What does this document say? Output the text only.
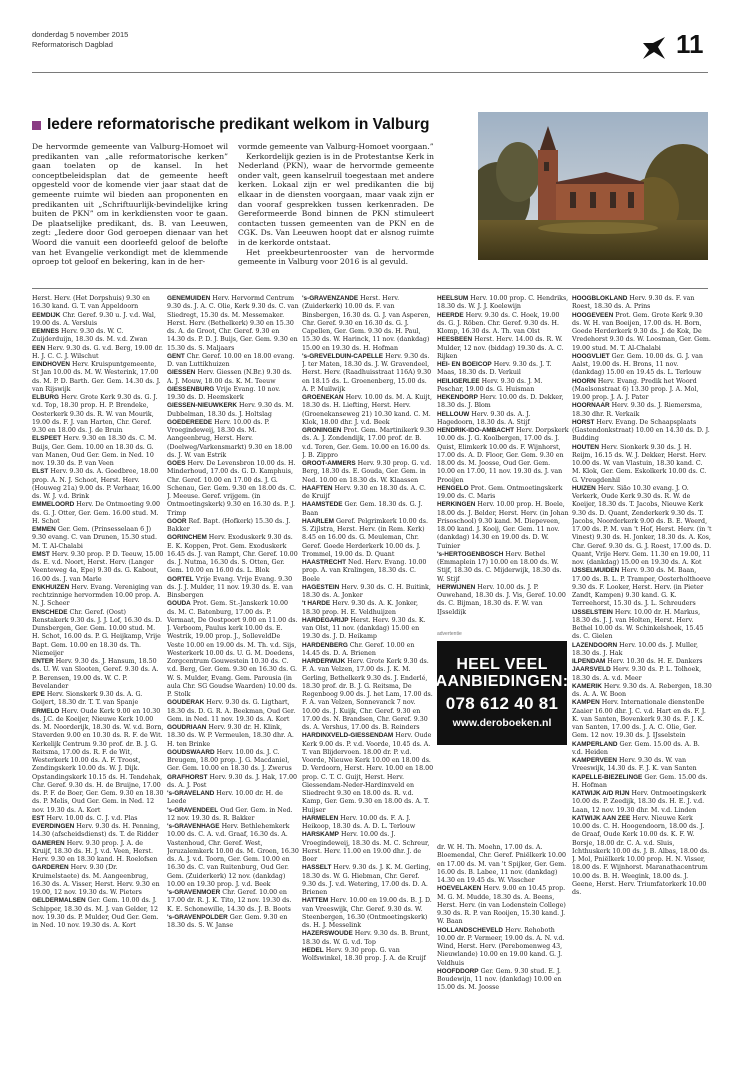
donderdag 5 november 2015
Reformatorisch Dagblad	11
Iedere reformatorische predikant welkom in Valburg

De hervormde gemeente van Valburg-Homoet wil predikanten van „alle reformatorische kerken” gaan toelaten op de kansel. In het conceptbeleidsplan dat de gemeente heeft opgesteld voor de komende vier jaar staat dat de gemeente ruimte wil bieden aan proponenten en predikanten uit „Schriftuurlijk-bevindelijke kring buiten de PKN” om in kerkdiensten voor te gaan. De plaatselijke predikant, ds. B. van Leeuwen, zegt: „Iedere door God geroepen dienaar van het Woord die vanuit een doorleefd geloof de belofte van het Evangelie verkondigt met de klemmende oproep tot geloof en bekering, kan in de her-

vormde gemeente van Valburg-Homoet voorgaan.”

Kerkordelijk gezien is in de Protestantse Kerk in Nederland (PKN), waar de hervormde gemeente onder valt, geen kanselruil toegestaan met andere kerken. Lokaal zijn er wel predikanten die bij elkaar in de diensten voorgaan, maar vaak zijn er dan vooraf gesprekken tussen kerkenraden. De Gereformeerde Bond binnen de PKN stimuleert contacten tussen gemeenten van de PKN en de CGK. Ds. Van Leeuwen hoopt dat er alsnog ruimte in de kerkorde ontstaat.

Het preekbeurtenrooster van de hervormde gemeente in Valburg voor 2016 is al gevuld.

Herst. Herv. (Het Dorpshuis) 9.30 en 16.30 kand. G. T. van Appeldoorn

EEMDIJK Chr. Geref. 9.30 u. J. v.d. Wal, 19.00 ds. A. Versluis

EEMNES Herv. 9.30 ds. W. C. Zuijderduijn, 18.30 ds. M. v.d. Zwan

EEN Herv. 9.30 ds. G. v.d. Berg, 19.00 dr. H. J. C. C. J. Wilschut

EINDHOVEN Herv. Kruispuntgemeente, St Jan 10.00 ds. M. W. Westerink, 17.00 ds. M. P. D. Barth. Ger. Gem. 14.30 ds. J. van Rijswijk

ELBURG Herv. Grote Kerk 9.30 ds. G. J. v.d. Top, 18.30 prop. H. P. Brendeke, Oosterkerk 9.30 ds. R. W. van Mourik, 19.00 ds. F. J. van Harten, Chr. Geref. 9.30 en 18.00 ds. J. de Bruin

ELSPEET Herv. 9.30 en 18.30 ds. C. M. Buijs, Ger. Gem. 10.00 en 18.30 ds. G. van Manen, Oud Ger. Gem. in Ned. 10 nov. 19.30 ds. P. van Veen

ELST Herv. 9.30 ds. A. Goedbree, 18.00 prop. A. N. J. Schoot, Herst. Herv. (Houweg 21a) 9.00 ds. P. Verhaar, 16.00 ds. W. J. v.d. Brink

EMMELOORD Herv. De Ontmoeting 9.00 ds. G. J. Otter, Ger. Gem. 16.00 stud. M. H. Schot

EMMEN Ger. Gem. (Prinsesselaan 6 J) 9.30 evang. C. van Drunen, 15.30 stud. M. T. Al-Chalabi

EMST Herv. 9.30 prop. P. D. Teeuw, 15.00 ds. E. v.d. Noort, Herst. Herv. (Langer Veenteweg 4a, Epe) 9.30 ds. G. Kabout, 16.00 ds. J. van Marle

ENKHUIZEN Herv. Evang. Vereniging van rechtzinnige hervormden 10.00 prop. A. N. J. Scheer

ENSCHEDE Chr. Geref. (Oost) Renstakerk 9.30 ds. J. J. Lof, 16.30 ds. D. Dunsbergen, Ger. Gem. 10.00 stud. M. H. Schot, 16.00 ds. P. G. Heijkamp, Vrije Bapt. Gem. 10.00 en 18.30 ds. Th. Niemeijer

ENTER Herv. 9.30 ds. J. Hansum, 18.50 ds. U. W. van Slooten, Geref. 9.30 ds. A. P. Berensen, 19.00 ds. W. C. P. Bevelander

EPE Herv. Sionskerk 9.30 ds. A. G. Goijert, 18.30 dr. T. T. van Spanje

ERMELO Herv. Oude Kerk 9.00 en 10.30 ds. J.C. de Koeijer, Nieuwe Kerk 10.00 ds. M. Noorderijk, 18.30 ds. W. v.d. Born, Staverden 9.00 en 10.30 ds. R. F. de Wit. Kerkelijk Centrum 9.30 prof. dr. B. J. G. Reitsma, 17.00 ds. R. F. de Wit, Westerkerk 10.00 ds. A. F. Troost, Zendingskerk 10.00 ds. W. J. Dijk. Opstandingskerk 10.15 ds. H. Tendehak, Chr. Geref. 9.30 ds. H. de Bruijne, 17.00 ds. P. F. de Boer, Ger. Gem. 9.30 en 18.30 ds. P. Melis, Oud Ger. Gem. in Ned. 12 nov. 19.30 ds. A. Kort

EST Herv. 10.00 ds. C. J. v.d. Plas

EVERDINGEN Herv. 9.30 ds. H. Penning, 14.30 (afscheidsdienst) ds. T. de Ridder

GAMEREN Herv. 9.30 prop. J. A. de Kruijf, 18.30 ds. H. J. v.d. Veen, Herst. Herv. 9.30 en 18.30 kand. H. Roelofsen

GARDEREN Herv. 9.30 (Dr. Kruimelstaete) ds. M. Aangeenbrug, 16.30 ds. A. Visser, Herst. Herv. 9.30 en 19.00, 12 nov. 19.30 ds. W. Pieters

GELDERMALSEN Ger. Gem. 10.00 ds. J. Schipper, 18.30 ds. M. J. van Gelder, 12 nov. 19.30 ds. P. Mulder, Oud Ger. Gem. in Ned. 10 nov. 19.30 ds. A. Kort

GENEMUIDEN Herv. Hervormd Centrum 9.30 ds. J. A. C. Olie, Kerk 9.30 ds. C. van Sliedregt, 15.30 ds. M. Messemaker. Herst. Herv. (Bethelkerk) 9.30 en 15.30 ds. A. de Groot, Chr. Geref. 9.30 en 14.30 ds. P. D. J. Buijs, Ger. Gem. 9.30 en 15.30 ds. S. Maljaars

GENT Chr. Geref. 10.00 en 18.00 evang. D. van Luttikhuizen

GIESSEN Herv. Giessen (N.Br.) 9.30 ds. A. J. Mouw, 18.00 ds. K. M. Teeuw

GIESSENBURG Vrije Evang. 10 nov. 19.30 ds. D. Heemskerk

GIESSEN-NIEUWKERK Herv. 9.30 ds. M. Dubbelman, 18.30 ds. J. Holtslag

GOEDEREEDE Herv. 10.00 ds. P. Vroegindeweij, 18.30 ds. M. Aangeenbrug, Herst. Herv. (Doelweg/Varkensmarkt) 9.30 en 18.00 ds. J. W. van Estrik

GOES Herv. De Levensbron 10.00 ds. H. Minderhoud, 17.00 ds. G. D. Kamphuis, Chr. Geref. 10.00 en 17.00 ds. J. G. Schenau, Ger. Gem. 9.30 en 18.00 ds. C. J. Meeuse. Geref. vrijgem. (in Ontmoetingskerk) 9.30 en 16.30 ds. P. J. Trimp

GOOR Ref. Bapt. (Hofkerk) 15.30 ds. J. Bakker

GORINCHEM Herv. Exoduskerk 9.30 ds. E. K. Koppen, Prot. Gem. Exoduskerk 16.45 ds. J. van Rampt, Chr. Geref. 10.00 ds. J. Nutma, 16.30 ds. S. Otten, Ger. Gem. 10.00 en 16.00 ds. L. Blok

GORTEL Vrije Evang. Vrije Evang. 9.30 ds. J. J. Mulder, 11 nov. 19.30 ds. E. van Binsbergen

GOUDA Prot. Gem. St.-Janskerk 10.00 ds. M. C. Batenburg, 17.00 ds. P. Vermaat, De Oostpoort 9.00 en 11.00 ds. J. Verboom, Paulus kerk 10.00 ds. E. Westrik, 19.00 prop. J., SolleveldDe Veste 10.00 en 19.00 ds. M. Th. v.d. Sijs, Westerkerk 10.00 ds. U. G. M. Doedens, Zorgcentrum Gouwestein 10.30 ds. C. v.d. Berg, Ger. Gem. 9.30 en 16.30 ds. G. W. S. Mulder, Evang. Gem. Parousia (in aula Chr. SG Goudse Waarden) 10.00 ds. P. Stolk

GOUDERAK Herv. 9.30 ds. G. Ligthart, 18.30 ds. D. G. R. A. Beekman, Oud Ger. Gem. in Ned. 11 nov. 19.30 ds. A. Kort

GOUDRIAAN Herv. 9.30 dr. H. Klink, 18.30 ds. W. P. Vermeulen, 18.30 dhr. A. H. ten Brinke

GOUDSWAARD Herv. 10.00 ds. J. C. Breugem, 18.00 prop. J. G. Macdaniel, Ger. Gem. 10.00 en 18.30 ds. J. Zwerus

GRAFHORST Herv. 9.30 ds. J. Hak, 17.00 ds. A. J. Post

's-GRAVELAND Herv. 10.00 dr. H. de Leede

's-GRAVENDEEL Oud Ger. Gem. in Ned. 12 nov. 19.30 ds. R. Bakker

's-GRAVENHAGE Herv. Bethlehemkerk 10.00 ds. C. A. v.d. Graaf, 16.30 ds. A. Vastenhoud, Chr. Geref. West, Jeruzalemkerk 10.00 ds. M. Groen, 16.30 ds. A. J. v.d. Toorn, Ger. Gem. 10.00 en 16.30 ds. C. van Ruitenburg, Oud Ger. Gem. (Zuiderkerk) 12 nov. (dankdag) 10.00 en 19.30 prop. J. v.d. Beek

's-GRAVENMOER Chr. Geref. 10.00 en 17.00 dr. R. J. K. Tito, 12 nov. 19.30 ds. K. E. Schonewille, 14.30 ds. J. B. Boots

's-GRAVENPOLDER Ger. Gem. 9.30 en 18.30 ds. S. W. Janse

's-GRAVENZANDE Herst. Herv. (Zuiderkerk) 10.00 ds. F. van Binsbergen, 16.30 ds. G. J. van Asperen, Chr. Geref. 9.30 en 16.30 ds. G. J. Capellen, Ger. Gem. 9.30 ds. H. Paul, 15.30 ds. W. Harinck, 11 nov. (dankdag) 15.00 en 19.30 ds. H. Hofman

's-GREVELDUIN-CAPELLE Herv. 9.30 ds. J. ter Maten, 18.30 ds. J. W. Gravendeel, Herst. Herv. (Raadhuisstraat 116A) 9.30 en 18.15 ds. L. Groenenberg, 15.00 ds. A. P. Muilwijk

GROENEKAN Herv. 10.00 ds. M. A. Kuijt, 18.30 ds. H. Liefting, Herst. Herv. (Groenekanseweg 21) 10.30 kand. C. M. Klok, 18.00 dhr. J. v.d. Beek

GRONINGEN Prot. Gem. Martinikerk 9.30 ds. A. J. Zondendijk, 17.00 prof. dr. B. v.d. Toren, Ger. Gem. 10.00 en 16.00 ds. J. B. Zippro

GROOT-AMMERS Herv. 9.30 prop. G. v.d. Berg, 18.30 ds. E. Gouda, Ger. Gem. in Ned. 10.00 en 18.30 ds. W. Klaassen

HAAFTEN Herv. 9.30 en 18.30 ds. A. C. de Kruijf

HAAMSTEDE Ger. Gem. 18.30 ds. G. J. Baan

HAARLEM Geref. Pelgrimkerk 10.00 ds. S. Zijlstra, Herst. Herv. (in Rem. Kerk) 8.45 en 16.00 ds. G. Meuleman, Chr. Geref. Goede Herderkerk 10.00 ds. J. Trommel, 19.00 ds. D. Quant

HAASTRECHT Ned. Herv. Evang. 10.00 prop. A. van Kralingen, 18.30 ds. C. Boele

HAGESTEIN Herv. 9.30 ds. C. H. Buitink, 18.30 ds. A. Jonker

't HARDE Herv. 9.30 ds. A. K. Jonker, 18.30 prop. H. E. Veldhuijzen

HARDEGARIJP Herst. Herv. 9.30 ds. K. van Olst, 11 nov. (dankdag) 15.00 en 19.30 ds. J. D. Heikamp

HARDENBERG Chr. Geref. 10.00 en 14.45 ds. D. A. Brienen

HARDERWIJK Herv. Grote Kerk 9.30 ds. F. A. van Velzen, 17.00 ds. J. K. M. Gerling, Bethelkerk 9.30 ds. J. Enderlé, 18.30 prof. dr. B. J. G. Reitsma, De Regenboog 9.00 ds. J. het Lam, 17.00 ds. F. A. van Velzen, Sonnevanck 7 nov. 10.00 ds. J. Kuijk, Chr. Geref. 9.30 en 17.00 ds. N. Brandsen, Chr. Geref. 9.30 ds. A. Vershus, 17.00 ds. B. Reinders

HARDINXVELD-GIESSENDAM Herv. Oude Kerk 9.00 ds. P. v.d. Voorde, 10.45 ds. A. T. van Blijdervoen. 18.00 dr. P. v.d. Voorde, Nieuwe Kerk 10.00 en 18.00 ds. D. Verdoorn, Herst. Herv. 10.00 en 18.00 prop. C. T. C. Guijt, Herst. Herv. Giessendam-Neder-Hardinxveld en Sliedrecht 9.30 en 18.00 ds. R. v.d. Kamp, Ger. Gem. 9.30 en 18.00 ds. A. T. Huijser

HARMELEN Herv. 10.00 ds. F. A. J. Heikoop, 18.30 ds. A. D. L. Terlouw

HARSKAMP Herv. 10.00 ds. J. Vroegindeweij, 18.30 ds. M. C. Schreur, Herst. Herv. 11.00 en 19.00 dhr. J. de Boer

HASSELT Herv. 9.30 ds. J. K. M. Gerling, 18.30 ds. W. G. Hiebman, Chr. Geref. 9.30 ds. J. v.d. Wetering, 17.00 ds. D. A. Brienen

HATTEM Herv. 10.00 en 19.00 ds. B. J. D. van Vreeswijk, Chr. Geref. 9.30 ds. W. Steenbergen, 16.30 (Ontmoetingskerk) ds. H. J. Messelink

HAZERSWOUDE Herv. 9.30 ds. B. Brunt, 18.30 ds. W. G. v.d. Top

HEDEL Herv. 9.30 prop. G. van Wolfswinkel, 18.30 prop. J. A. de Kruijf

HEELSUM Herv. 10.00 prop. C. Hendriks, 18.30 ds. W. J. J. Koelewijn

HEERDE Herv. 9.30 ds. C. Hoek, 19.00 ds. G. J. Röben. Chr. Geref. 9.30 ds. H. Klomp, 16.30 ds. A. Th. van Olst

HEESBEEN Herst. Herv. 14.00 ds. R. W. Mulder, 12 nov. (biddag) 19.30 ds. A. C. Rijken

HEI- EN BOEICOP Herv. 9.30 ds. J. T. Maas, 18.30 ds. D. Verkuil

HEILIGERLEE Herv. 9.30 ds. J. M. Peschar, 19.00 ds. G. Huisman

HEKENDORP Herv. 10.00 ds. D. Dekker, 18.30 ds. J. Blom

HELLOUW Herv. 9.30 ds. A. J. Hagedoorn, 18.30 ds. A. Stijf

HENDRIK-IDO-AMBACHT Herv. Dorpskerk 10.00 ds. J. G. Koolbergen, 17.00 ds. J. Quist, Elimkerk 10.00 ds. F. Wijnhorst, 17.00 ds. A. D. Floor, Ger. Gem. 9.30 en 18.00 ds. M. Joosse, Oud Ger. Gem. 10.00 en 17.00, 11 nov. 19.30 ds. J. van Prooijen

HENGELO Prot. Gem. Ontmoetingskerk 19.00 ds. C. Maris

HERKINGEN Herv. 10.00 prop. H. Boele, 18.00 ds. J. Belder, Herst. Herv. (in Johan Frisoschool) 9.30 kand. M. Diepeveen, 18.00 kand. J. Kooij, Ger. Gem. 11 nov. (dankdag) 14.30 en 19.00 ds. D. W. Tuinier

's-HERTOGENBOSCH Herv. Bethel (Emmaplein 17) 10.00 en 18.00 ds. W. Stijf, 18.30 ds. C. Mijderwijk, 18.30 ds. W. Stijf

HERWIJNEN Herv. 10.00 ds. J. P. Ouwehand, 18.30 ds. J. Vis, Geref. 10.00 ds. C. Bijman, 18.30 ds. F. W. van IJsseldijk

advertentie
HEEL VEEL
AANBIEDINGEN:
078 612 40 81
www.deroboeken.nl

dr. W. H. Th. Moehn, 17.00 ds. A. Bloemendal, Chr. Geref. Pniëlkerk 10.00 en 17.00 ds. M. van 't Spijker, Ger. Gem. 16.00 ds. B. Labee, 11 nov. (dankdag) 14.30 en 19.45 ds. W. Visscher

HOEVELAKEN Herv. 9.00 en 10.45 prop. M. G. M. Mudde, 18.30 ds. A. Beens, Herst. Herv. (in van Lodenstein College) 9.30 ds. R. P. van Rooijen, 15.30 kand. J. W. Baan

HOLLANDSCHEVELD Herv. Rehoboth 10.00 dr. P. Vermeer, 19.00 ds. A. N. v.d. Wind, Herst. Herv. (Perebomenweg 43, Nieuwlande) 10.00 en 19.00 kand. G. J. Veldhuis

HOOFDDORP Ger. Gem. 9.30 stud. E. J. Boudewijn, 11 nov. (dankdag) 10.00 en 15.00 ds. M. Joosse

HOOGBLOKLAND Herv. 9.30 ds. F. van Roest, 18.30 ds. A. Prins

HOOGEVEEN Prot. Gem. Grote Kerk 9.30 ds. W. H. van Boeijen, 17.00 ds. H. Born, Goede Herderkerk 9.30 ds. J. de Kok, De Vredehorst 9.30 ds. W. Loosman, Ger. Gem. 19.00 stud. M. T. Al-Chalabi

HOOGVLIET Ger. Gem. 10.00 ds. G. J. van Aalst, 19.00 ds. H. Brons, 11 nov. (dankdag) 15.00 en 19.45 ds. L. Terlouw

HOORN Herv. Evang. Predik het Woord (Maelsonstraat 6) 13.30 prop. J. A. Mol, 19.00 prop. J. A. J. Pater

HOORNAAR Herv. 9.30 ds. J. Riemersma, 18.30 dhr. R. Verkaik

HORST Herv. Evang. De Schaapsplaats (Gastendonkstraat) 10.00 en 14.30 ds. D. J. Budding

HOUTEN Herv. Sionkerk 9.30 ds. J. H. Reijm, 16.15 ds. W. J. Dekker, Herst. Herv. 10.00 ds. W. van Vlastuin, 18.30 kand. C. M. Klok, Ger. Gem. Eskolkerk 10.00 ds. C. G. Vreugdenhil

HUIZEN Herv. Sião 10.30 evang. J. O. Verkerk, Oude Kerk 9.30 ds. R. W. de Koeijer, 18.30 ds. T. Jacobs, Nieuwe Kerk 9.30 ds. D. Quant, Zenderkerk 9.30 ds. T. Jacobs, Noorderkerk 9.00 ds. B. E. Weerd, 17.00 ds. P. M. van 't Hof, Herst. Herv. (in 't Vinest) 9.30 ds. H. Jonker, 18.30 ds. A. Kos, Chr. Geref. 9.30 ds. G. J. Roest, 17.00 ds. D. Quant, Vrije Herv. Gem. 11.30 en 19.00, 11 nov. (dankdag) 15.00 en 19.30 ds. A. Kot

IJSSELMUIDEN Herv. 9.30 ds. M. Baan, 17.00 ds. B. L. P. Tramper, Oosterholthoeve 9.30 ds. F. Looker, Herst. Herv. (in Pieter Zandt, Kampen) 9.30 kand. G. K. Terreehorst, 15.30 ds. J. L. Schreuders

IJSSELSTEIN Herv. 10.00 dr. H. Markus, 18.30 ds. J. J. van Holten, Herst. Herv. Bethel 10.00 ds. W. Schinkelshoek, 15.45 ds. C. Gielen

LAZENDOORN Herv. 10.00 ds. J. Muller, 18.30 ds. J. Hak

ILPENDAM Herv. 10.30 ds. H. E. Dankers

JAARSVELD Herv. 9.30 ds. P. L. Tolhoek, 18.30 ds. A. v.d. Meer

KAMERIK Herv. 9.30 ds. A. Rebergen, 18.30 ds. A. A. W. Boon

KAMPEN Herv. Internationale dienstenDe Zaaier 16.00 dhr. J. C. v.d. Hart en ds. F. J. K. van Santen, Bovenkerk 9.30 ds. F. J. K. van Santen, 17.00 ds. J. A. C. Olie, Ger. Gem. 12 nov. 19.30 ds. J. IJsselstein

KAMPERLAND Ger. Gem. 15.00 ds. A. B. v.d. Heiden

KAMPERVEEN Herv. 9.30 ds. W. van Vreeswijk, 14.30 ds. F. J. K. van Santen

KAPELLE-BIEZELINGE Ger. Gem. 15.00 ds. H. Hofman

KATWIJK A/D RIJN Herv. Ontmoetingskerk 10.00 ds. P. Zeedijk, 18.30 ds. H. E. J. v.d. Laan, 12 nov. 19.30 dhr. M. v.d. Linden

KATWIJK AAN ZEE Herv. Nieuwe Kerk 10.00 ds. C. H. Hoogendoorn, 18.00 ds. J. de Graaf, Oude Kerk 10.00 ds. K. F. W. Borsje, 18.00 dr. C. A. v.d. Sluis, Ichthuskerk 10.00 ds. J. B. Albas, 18.00 ds. J. Mol, Pniëlkerk 10.00 prop. H. N. Visser, 18.00 ds. F. Wijnhorst. Maranathacentrum 10.00 ds. B. H. Weegink, 18.00 ds. J. Geene, Herst. Herv. Triumfatorkerk 10.00 ds.
